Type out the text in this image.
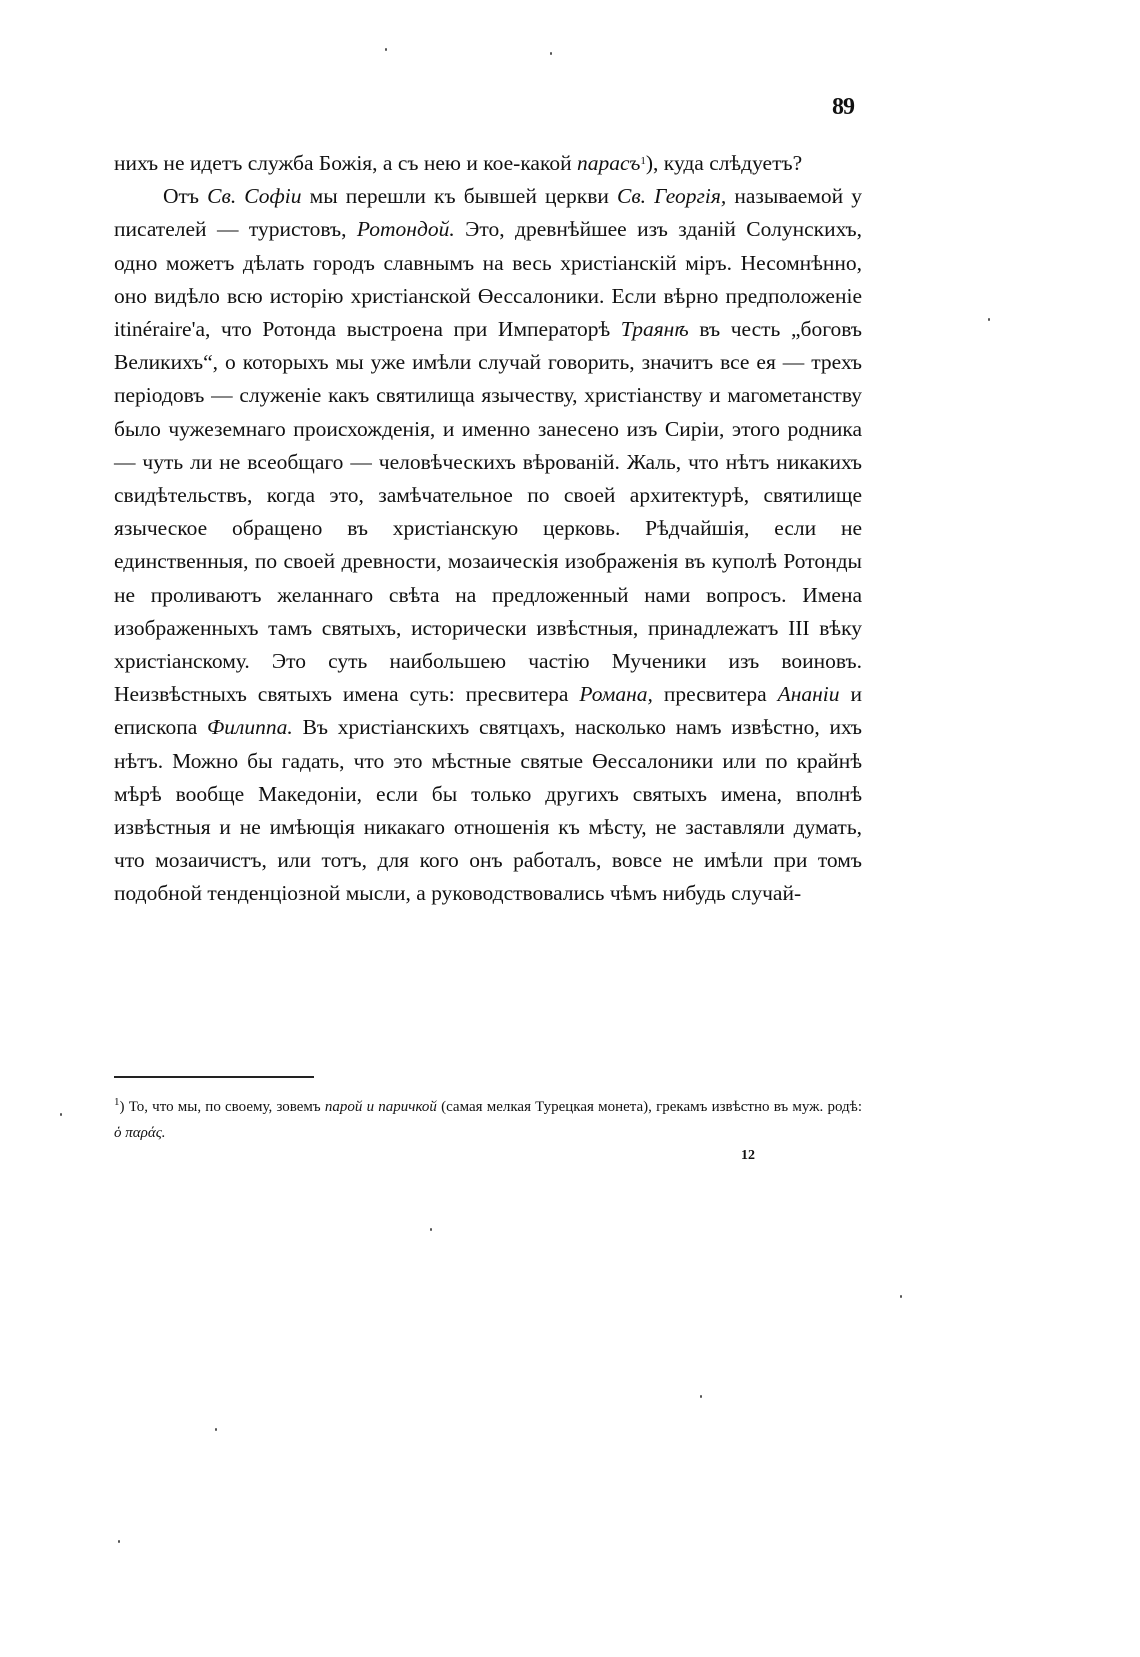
89

нихъ не идетъ служба Божія, а съ нею и кое-какой парасъ$^1$), куда слѣдуетъ?

Отъ Св. Софіи мы перешли къ бывшей церкви Св. Георгія, называемой у писателей — туристовъ, Ротондой. Это, древнѣйшее изъ зданій Солунскихъ, одно можетъ дѣлать городъ славнымъ на весь христіанскій міръ. Несомнѣнно, оно видѣло всю исторію христіанской Өессалоники. Если вѣрно предположеніе itinéraire'а, что Ротонда выстроена при Императорѣ Траянѣ въ честь „боговъ Великихъ“, о которыхъ мы уже имѣли случай говорить, значитъ все ея — трехъ періодовъ — служеніе какъ святилища язычеству, христіанству и магометанству было чужеземнаго происхожденія, и именно занесено изъ Сиріи, этого родника — чуть ли не всеобщаго — человѣческихъ вѣрованій. Жаль, что нѣтъ никакихъ свидѣтельствъ, когда это, замѣчательное по своей архитектурѣ, святилище языческое обращено въ христіанскую церковь. Рѣдчайшія, если не единственныя, по своей древности, мозаическія изображенія въ куполѣ Ротонды не проливаютъ желаннаго свѣта на предложенный нами вопросъ. Имена изображенныхъ тамъ святыхъ, исторически извѣстныя, принадлежатъ III вѣку христіанскому. Это суть наибольшею частію Мученики изъ воиновъ. Неизвѣстныхъ святыхъ имена суть: пресвитера Романа, пресвитера Ананіи и епископа Филиппа. Въ христіанскихъ святцахъ, насколько намъ извѣстно, ихъ нѣтъ. Можно бы гадать, что это мѣстные святые Өессалоники или по крайнѣ мѣрѣ вообще Македоніи, если бы только другихъ святыхъ имена, вполнѣ извѣстныя и не имѣющія никакаго отношенія къ мѣсту, не заставляли думать, что мозаичистъ, или тотъ, для кого онъ работалъ, вовсе не имѣли при томъ подобной тенденціозной мысли, а руководствовались чѣмъ нибудь случай-

$^1$) То, что мы, по своему, зовемъ парой и паричкой (самая мелкая Турецкая монета), грекамъ извѣстно въ муж. родѣ: ὁ παράς.
12
